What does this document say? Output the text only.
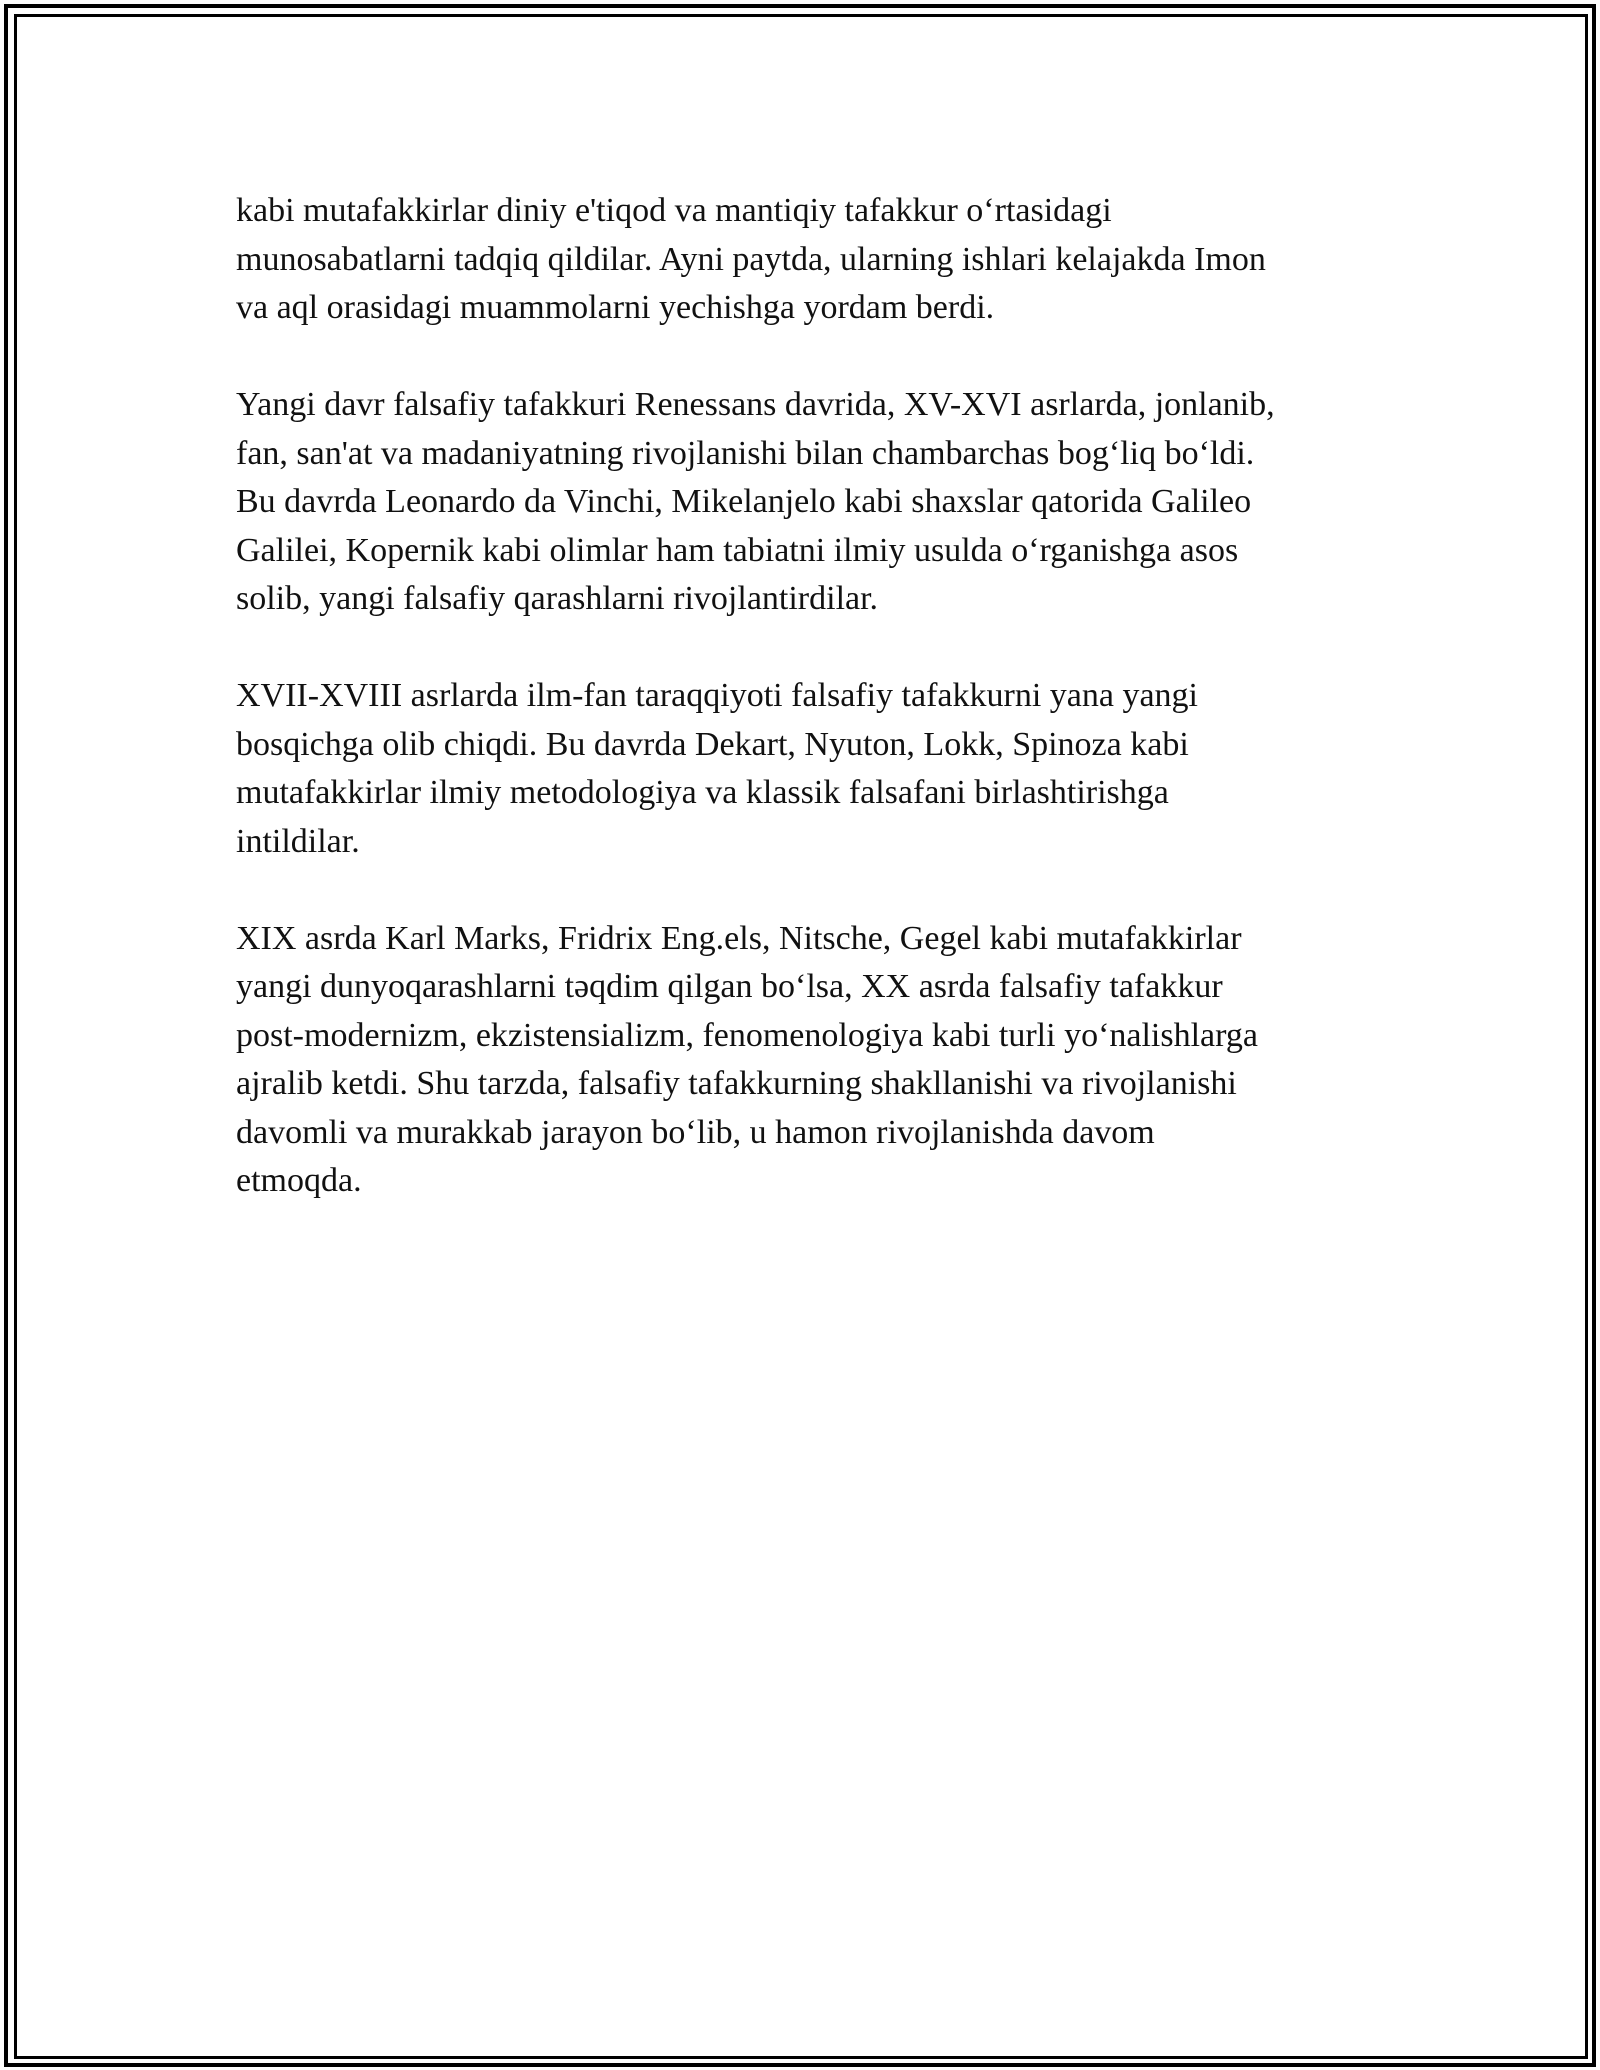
kabi mutafakkirlar diniy e'tiqod va mantiqiy tafakkur o‘rtasidagi
munosabatlarni tadqiq qildilar. Ayni paytda, ularning ishlari kelajakda Imon
va aql orasidagi muammolarni yechishga yordam berdi.

Yangi davr falsafiy tafakkuri Renessans davrida, XV-XVI asrlarda, jonlanib,
fan, san'at va madaniyatning rivojlanishi bilan chambarchas bog‘liq bo‘ldi.
Bu davrda Leonardo da Vinchi, Mikelanjelo kabi shaxslar qatorida Galileo
Galilei, Kopernik kabi olimlar ham tabiatni ilmiy usulda o‘rganishga asos
solib, yangi falsafiy qarashlarni rivojlantirdilar.

XVII-XVIII asrlarda ilm-fan taraqqiyoti falsafiy tafakkurni yana yangi
bosqichga olib chiqdi. Bu davrda Dekart, Nyuton, Lokk, Spinoza kabi
mutafakkirlar ilmiy metodologiya va klassik falsafani birlashtirishga
intildilar.

XIX asrda Karl Marks, Fridrix Eng.els, Nitsche, Gegel kabi mutafakkirlar
yangi dunyoqarashlarni təqdim qilgan bo‘lsa, XX asrda falsafiy tafakkur
post-modernizm, ekzistensializm, fenomenologiya kabi turli yo‘nalishlarga
ajralib ketdi. Shu tarzda, falsafiy tafakkurning shakllanishi va rivojlanishi
davomli va murakkab jarayon bo‘lib, u hamon rivojlanishda davom
etmoqda.
